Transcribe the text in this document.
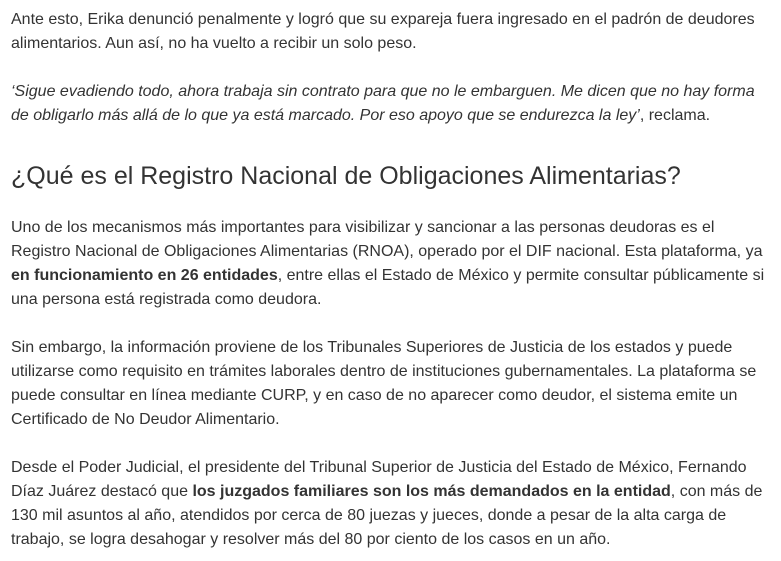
Ante esto, Erika denunció penalmente y logró que su expareja fuera ingresado en el padrón de deudores alimentarios. Aun así, no ha vuelto a recibir un solo peso.

‘Sigue evadiendo todo, ahora trabaja sin contrato para que no le embarguen. Me dicen que no hay forma de obligarlo más allá de lo que ya está marcado. Por eso apoyo que se endurezca la ley’, reclama.

¿Qué es el Registro Nacional de Obligaciones Alimentarias?

Uno de los mecanismos más importantes para visibilizar y sancionar a las personas deudoras es el Registro Nacional de Obligaciones Alimentarias (RNOA), operado por el DIF nacional. Esta plataforma, ya en funcionamiento en 26 entidades, entre ellas el Estado de México y permite consultar públicamente si una persona está registrada como deudora.

Sin embargo, la información proviene de los Tribunales Superiores de Justicia de los estados y puede utilizarse como requisito en trámites laborales dentro de instituciones gubernamentales. La plataforma se puede consultar en línea mediante CURP, y en caso de no aparecer como deudor, el sistema emite un Certificado de No Deudor Alimentario.

Desde el Poder Judicial, el presidente del Tribunal Superior de Justicia del Estado de México, Fernando Díaz Juárez destacó que los juzgados familiares son los más demandados en la entidad, con más de 130 mil asuntos al año, atendidos por cerca de 80 juezas y jueces, donde a pesar de la alta carga de trabajo, se logra desahogar y resolver más del 80 por ciento de los casos en un año.
